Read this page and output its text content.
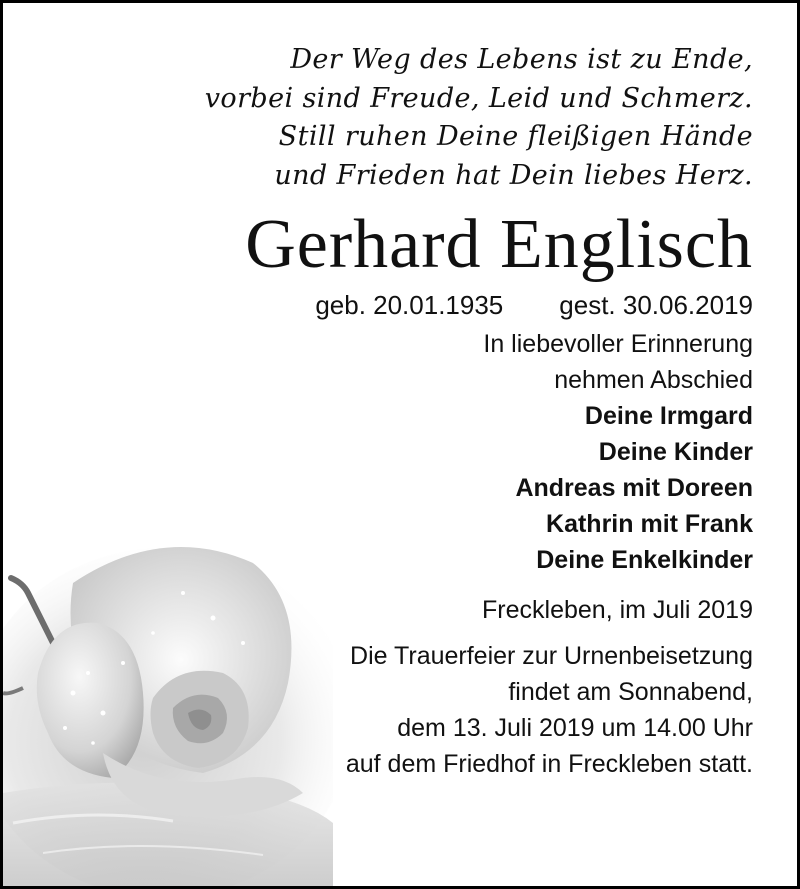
Der Weg des Lebens ist zu Ende,
vorbei sind Freude, Leid und Schmerz.
Still ruhen Deine fleißigen Hände
und Frieden hat Dein liebes Herz.
Gerhard Englisch
geb. 20.01.1935 gest. 30.06.2019
In liebevoller Erinnerung
nehmen Abschied
Deine Irmgard
Deine Kinder
Andreas mit Doreen
Kathrin mit Frank
Deine Enkelkinder
Freckleben, im Juli 2019
Die Trauerfeier zur Urnenbeisetzung
findet am Sonnabend,
dem 13. Juli 2019 um 14.00 Uhr
auf dem Friedhof in Freckleben statt.
